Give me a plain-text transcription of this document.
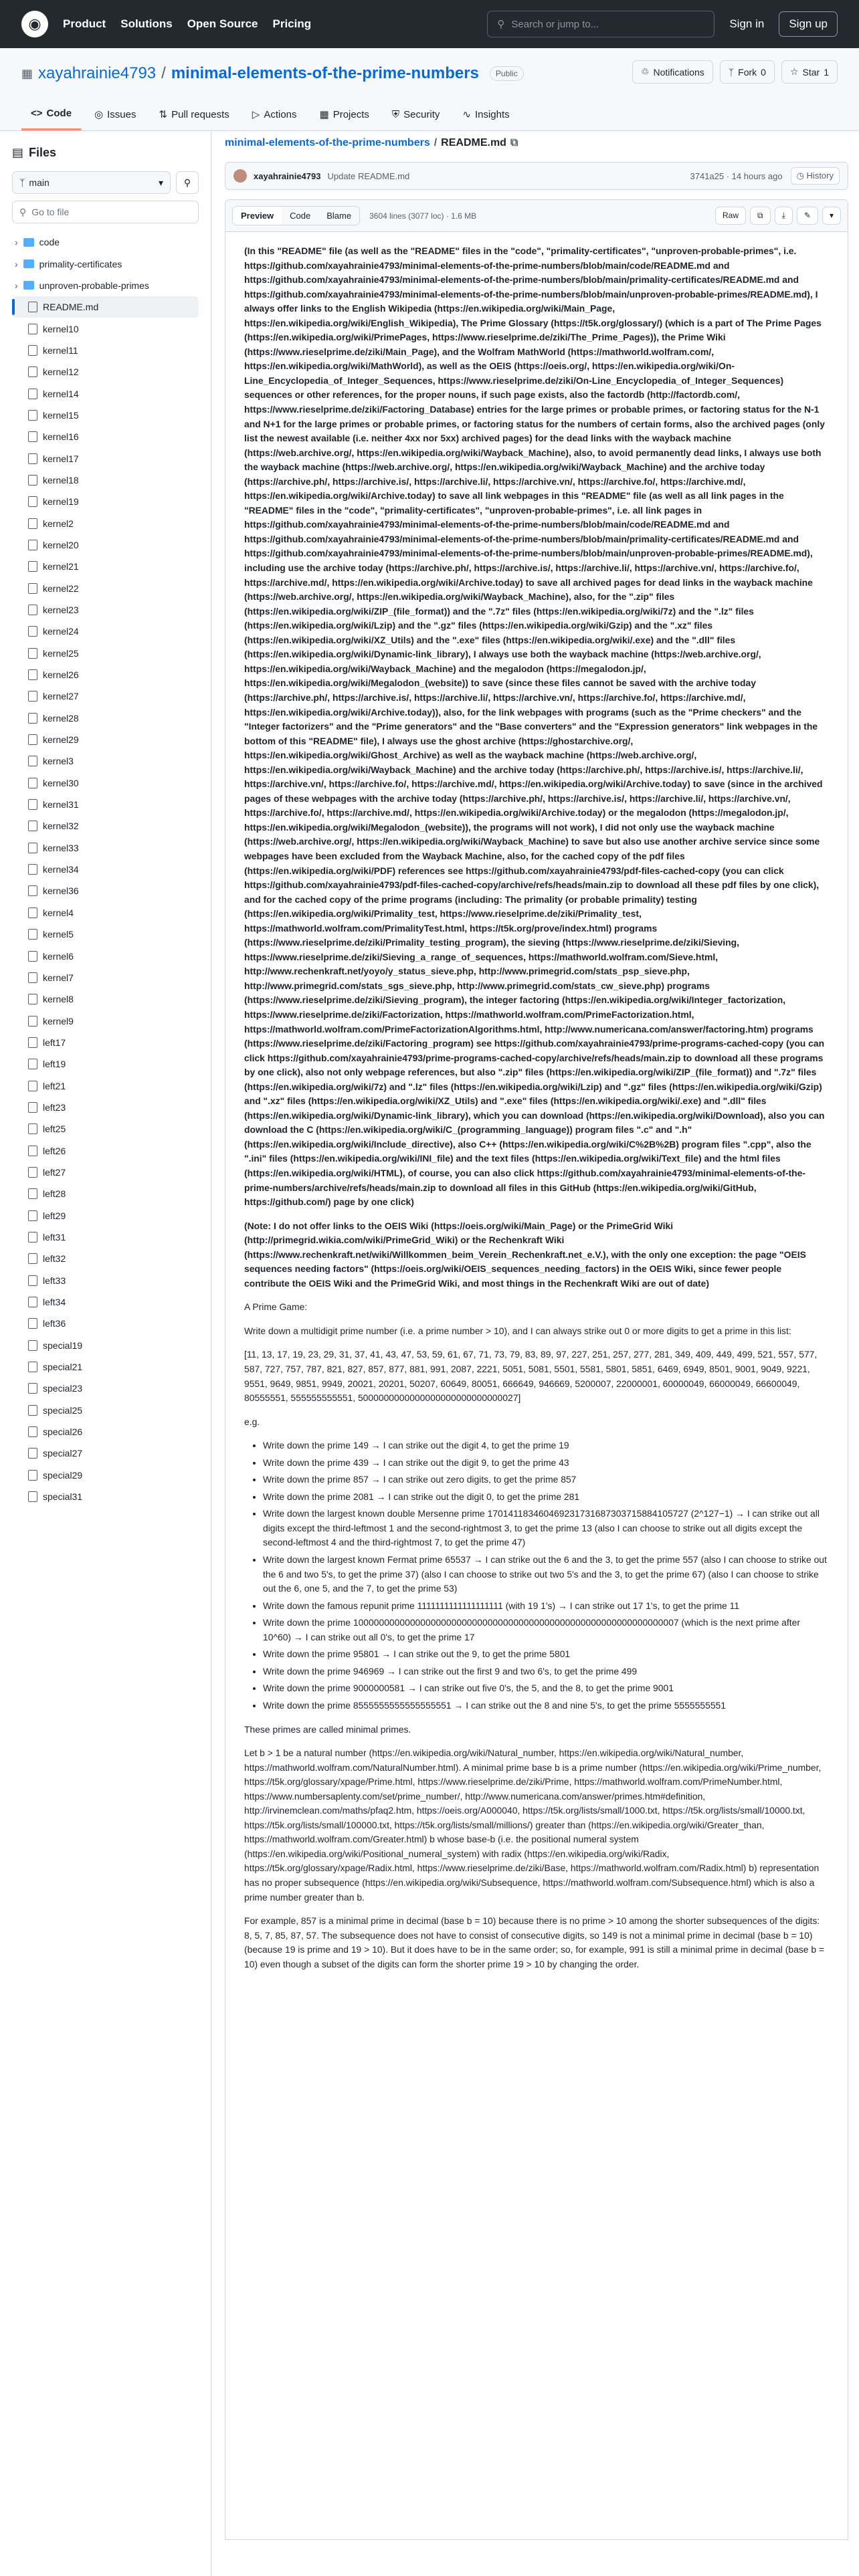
◉	Product Solutions Open Source Pricing	⚲ Search or jump to...	Sign in	Sign up
▦ xayahrainie4793 / minimal-elements-of-the-prime-numbers	Public	♲ Notifications	ᛉ Fork 0	☆ Star 1
<> Code ◎ Issues ⇅ Pull requests ▷ Actions ▦ Projects ⛨ Security ∿ Insights
▤ Files
ᛉ main	▾ ⚲
⚲ Go to file
› code
› primality-certificates
› unproven-probable-primes
README.md
kernel10
kernel11
kernel12
kernel14
kernel15
kernel16
kernel17
kernel18
kernel19
kernel2
kernel20
kernel21
kernel22
kernel23
kernel24
kernel25
kernel26
kernel27
kernel28
kernel29
kernel3
kernel30
kernel31
kernel32
kernel33
kernel34
kernel36
kernel4
kernel5
kernel6
kernel7
kernel8
kernel9
left17
left19
left21
left23
left25
left26
left27
left28
left29
left31
left32
left33
left34
left36
special19
special21
special23
special25
special26
special27
special29
special31
minimal-elements-of-the-prime-numbers / README.md ⧉
xayahrainie4793 Update README.md	3741a25 · 14 hours ago	◷ History
Preview	Code	Blame	3604 lines (3077 loc) · 1.6 MB	Raw	⧉	⤓	✎	▾

(In this "README" file (as well as the "README" files in the "code", "primality-certificates", "unproven-probable-primes", i.e. https://github.com/xayahrainie4793/minimal-elements-of-the-prime-numbers/blob/main/code/README.md and https://github.com/xayahrainie4793/minimal-elements-of-the-prime-numbers/blob/main/primality-certificates/README.md and https://github.com/xayahrainie4793/minimal-elements-of-the-prime-numbers/blob/main/unproven-probable-primes/README.md), I always offer links to the English Wikipedia (https://en.wikipedia.org/wiki/Main_Page, https://en.wikipedia.org/wiki/English_Wikipedia), The Prime Glossary (https://t5k.org/glossary/) (which is a part of The Prime Pages (https://en.wikipedia.org/wiki/PrimePages, https://www.rieselprime.de/ziki/The_Prime_Pages)), the Prime Wiki (https://www.rieselprime.de/ziki/Main_Page), and the Wolfram MathWorld (https://mathworld.wolfram.com/, https://en.wikipedia.org/wiki/MathWorld), as well as the OEIS (https://oeis.org/, https://en.wikipedia.org/wiki/On-Line_Encyclopedia_of_Integer_Sequences, https://www.rieselprime.de/ziki/On-Line_Encyclopedia_of_Integer_Sequences) sequences or other references, for the proper nouns, if such page exists, also the factordb (http://factordb.com/, https://www.rieselprime.de/ziki/Factoring_Database) entries for the large primes or probable primes, or factoring status for the N-1 and N+1 for the large primes or probable primes, or factoring status for the numbers of certain forms, also the archived pages (only list the newest available (i.e. neither 4xx nor 5xx) archived pages) for the dead links with the wayback machine (https://web.archive.org/, https://en.wikipedia.org/wiki/Wayback_Machine), also, to avoid permanently dead links, I always use both the wayback machine (https://web.archive.org/, https://en.wikipedia.org/wiki/Wayback_Machine) and the archive today (https://archive.ph/, https://archive.is/, https://archive.li/, https://archive.vn/, https://archive.fo/, https://archive.md/, https://en.wikipedia.org/wiki/Archive.today) to save all link webpages in this "README" file (as well as all link pages in the "README" files in the "code", "primality-certificates", "unproven-probable-primes", i.e. all link pages in https://github.com/xayahrainie4793/minimal-elements-of-the-prime-numbers/blob/main/code/README.md and https://github.com/xayahrainie4793/minimal-elements-of-the-prime-numbers/blob/main/primality-certificates/README.md and https://github.com/xayahrainie4793/minimal-elements-of-the-prime-numbers/blob/main/unproven-probable-primes/README.md), including use the archive today (https://archive.ph/, https://archive.is/, https://archive.li/, https://archive.vn/, https://archive.fo/, https://archive.md/, https://en.wikipedia.org/wiki/Archive.today) to save all archived pages for dead links in the wayback machine (https://web.archive.org/, https://en.wikipedia.org/wiki/Wayback_Machine), also, for the ".zip" files (https://en.wikipedia.org/wiki/ZIP_(file_format)) and the ".7z" files (https://en.wikipedia.org/wiki/7z) and the ".lz" files (https://en.wikipedia.org/wiki/Lzip) and the ".gz" files (https://en.wikipedia.org/wiki/Gzip) and the ".xz" files (https://en.wikipedia.org/wiki/XZ_Utils) and the ".exe" files (https://en.wikipedia.org/wiki/.exe) and the ".dll" files (https://en.wikipedia.org/wiki/Dynamic-link_library), I always use both the wayback machine (https://web.archive.org/, https://en.wikipedia.org/wiki/Wayback_Machine) and the megalodon (https://megalodon.jp/, https://en.wikipedia.org/wiki/Megalodon_(website)) to save (since these files cannot be saved with the archive today (https://archive.ph/, https://archive.is/, https://archive.li/, https://archive.vn/, https://archive.fo/, https://archive.md/, https://en.wikipedia.org/wiki/Archive.today)), also, for the link webpages with programs (such as the "Prime checkers" and the "Integer factorizers" and the "Prime generators" and the "Base converters" and the "Expression generators" link webpages in the bottom of this "README" file), I always use the ghost archive (https://ghostarchive.org/, https://en.wikipedia.org/wiki/Ghost_Archive) as well as the wayback machine (https://web.archive.org/, https://en.wikipedia.org/wiki/Wayback_Machine) and the archive today (https://archive.ph/, https://archive.is/, https://archive.li/, https://archive.vn/, https://archive.fo/, https://archive.md/, https://en.wikipedia.org/wiki/Archive.today) to save (since in the archived pages of these webpages with the archive today (https://archive.ph/, https://archive.is/, https://archive.li/, https://archive.vn/, https://archive.fo/, https://archive.md/, https://en.wikipedia.org/wiki/Archive.today) or the megalodon (https://megalodon.jp/, https://en.wikipedia.org/wiki/Megalodon_(website)), the programs will not work), I did not only use the wayback machine (https://web.archive.org/, https://en.wikipedia.org/wiki/Wayback_Machine) to save but also use another archive service since some webpages have been excluded from the Wayback Machine, also, for the cached copy of the pdf files (https://en.wikipedia.org/wiki/PDF) references see https://github.com/xayahrainie4793/pdf-files-cached-copy (you can click https://github.com/xayahrainie4793/pdf-files-cached-copy/archive/refs/heads/main.zip to download all these pdf files by one click), and for the cached copy of the prime programs (including: The primality (or probable primality) testing (https://en.wikipedia.org/wiki/Primality_test, https://www.rieselprime.de/ziki/Primality_test, https://mathworld.wolfram.com/PrimalityTest.html, https://t5k.org/prove/index.html) programs (https://www.rieselprime.de/ziki/Primality_testing_program), the sieving (https://www.rieselprime.de/ziki/Sieving, https://www.rieselprime.de/ziki/Sieving_a_range_of_sequences, https://mathworld.wolfram.com/Sieve.html, http://www.rechenkraft.net/yoyo/y_status_sieve.php, http://www.primegrid.com/stats_psp_sieve.php, http://www.primegrid.com/stats_sgs_sieve.php, http://www.primegrid.com/stats_cw_sieve.php) programs (https://www.rieselprime.de/ziki/Sieving_program), the integer factoring (https://en.wikipedia.org/wiki/Integer_factorization, https://www.rieselprime.de/ziki/Factorization, https://mathworld.wolfram.com/PrimeFactorization.html, https://mathworld.wolfram.com/PrimeFactorizationAlgorithms.html, http://www.numericana.com/answer/factoring.htm) programs (https://www.rieselprime.de/ziki/Factoring_program) see https://github.com/xayahrainie4793/prime-programs-cached-copy (you can click https://github.com/xayahrainie4793/prime-programs-cached-copy/archive/refs/heads/main.zip to download all these programs by one click), also not only webpage references, but also ".zip" files (https://en.wikipedia.org/wiki/ZIP_(file_format)) and ".7z" files (https://en.wikipedia.org/wiki/7z) and ".lz" files (https://en.wikipedia.org/wiki/Lzip) and ".gz" files (https://en.wikipedia.org/wiki/Gzip) and ".xz" files (https://en.wikipedia.org/wiki/XZ_Utils) and ".exe" files (https://en.wikipedia.org/wiki/.exe) and ".dll" files (https://en.wikipedia.org/wiki/Dynamic-link_library), which you can download (https://en.wikipedia.org/wiki/Download), also you can download the C (https://en.wikipedia.org/wiki/C_(programming_language)) program files ".c" and ".h" (https://en.wikipedia.org/wiki/Include_directive), also C++ (https://en.wikipedia.org/wiki/C%2B%2B) program files ".cpp", also the ".ini" files (https://en.wikipedia.org/wiki/INI_file) and the text files (https://en.wikipedia.org/wiki/Text_file) and the html files (https://en.wikipedia.org/wiki/HTML), of course, you can also click https://github.com/xayahrainie4793/minimal-elements-of-the-prime-numbers/archive/refs/heads/main.zip to download all files in this GitHub (https://en.wikipedia.org/wiki/GitHub, https://github.com/) page by one click)

(Note: I do not offer links to the OEIS Wiki (https://oeis.org/wiki/Main_Page) or the PrimeGrid Wiki (http://primegrid.wikia.com/wiki/PrimeGrid_Wiki) or the Rechenkraft Wiki (https://www.rechenkraft.net/wiki/Willkommen_beim_Verein_Rechenkraft.net_e.V.), with the only one exception: the page "OEIS sequences needing factors" (https://oeis.org/wiki/OEIS_sequences_needing_factors) in the OEIS Wiki, since fewer people contribute the OEIS Wiki and the PrimeGrid Wiki, and most things in the Rechenkraft Wiki are out of date)

A Prime Game:

Write down a multidigit prime number (i.e. a prime number > 10), and I can always strike out 0 or more digits to get a prime in this list:

[11, 13, 17, 19, 23, 29, 31, 37, 41, 43, 47, 53, 59, 61, 67, 71, 73, 79, 83, 89, 97, 227, 251, 257, 277, 281, 349, 409, 449, 499, 521, 557, 577, 587, 727, 757, 787, 821, 827, 857, 877, 881, 991, 2087, 2221, 5051, 5081, 5501, 5581, 5801, 5851, 6469, 6949, 8501, 9001, 9049, 9221, 9551, 9649, 9851, 9949, 20021, 20201, 50207, 60649, 80051, 666649, 946669, 5200007, 22000001, 60000049, 66000049, 66600049, 80555551, 555555555551, 5000000000000000000000000000027]

e.g.

• Write down the prime 149 → I can strike out the digit 4, to get the prime 19
• Write down the prime 439 → I can strike out the digit 9, to get the prime 43
• Write down the prime 857 → I can strike out zero digits, to get the prime 857
• Write down the prime 2081 → I can strike out the digit 0, to get the prime 281
• Write down the largest known double Mersenne prime 170141183460469231731687303715884105727 (2^127−1) → I can strike out all digits except the third-leftmost 1 and the second-rightmost 3, to get the prime 13 (also I can choose to strike out all digits except the second-leftmost 4 and the third-rightmost 7, to get the prime 47)
• Write down the largest known Fermat prime 65537 → I can strike out the 6 and the 3, to get the prime 557 (also I can choose to strike out the 6 and two 5's, to get the prime 37) (also I can choose to strike out two 5's and the 3, to get the prime 67) (also I can choose to strike out the 6, one 5, and the 7, to get the prime 53)
• Write down the famous repunit prime 1111111111111111111 (with 19 1's) → I can strike out 17 1's, to get the prime 11
• Write down the prime 100000000000000000000000000000000000000000000000000000000000007 (which is the next prime after 10^60) → I can strike out all 0's, to get the prime 17
• Write down the prime 95801 → I can strike out the 9, to get the prime 5801
• Write down the prime 946969 → I can strike out the first 9 and two 6's, to get the prime 499
• Write down the prime 9000000581 → I can strike out five 0's, the 5, and the 8, to get the prime 9001
• Write down the prime 8555555555555555551 → I can strike out the 8 and nine 5's, to get the prime 5555555551

These primes are called minimal primes.

Let b > 1 be a natural number (https://en.wikipedia.org/wiki/Natural_number, https://en.wikipedia.org/wiki/Natural_number, https://mathworld.wolfram.com/NaturalNumber.html). A minimal prime base b is a prime number (https://en.wikipedia.org/wiki/Prime_number, https://t5k.org/glossary/xpage/Prime.html, https://www.rieselprime.de/ziki/Prime, https://mathworld.wolfram.com/PrimeNumber.html, https://www.numbersaplenty.com/set/prime_number/, http://www.numericana.com/answer/primes.htm#definition, http://irvinemclean.com/maths/pfaq2.htm, https://oeis.org/A000040, https://t5k.org/lists/small/1000.txt, https://t5k.org/lists/small/10000.txt, https://t5k.org/lists/small/100000.txt, https://t5k.org/lists/small/millions/) greater than (https://en.wikipedia.org/wiki/Greater_than, https://mathworld.wolfram.com/Greater.html) b whose base-b (i.e. the positional numeral system (https://en.wikipedia.org/wiki/Positional_numeral_system) with radix (https://en.wikipedia.org/wiki/Radix, https://t5k.org/glossary/xpage/Radix.html, https://www.rieselprime.de/ziki/Base, https://mathworld.wolfram.com/Radix.html) b) representation has no proper subsequence (https://en.wikipedia.org/wiki/Subsequence, https://mathworld.wolfram.com/Subsequence.html) which is also a prime number greater than b.

For example, 857 is a minimal prime in decimal (base b = 10) because there is no prime > 10 among the shorter subsequences of the digits: 8, 5, 7, 85, 87, 57. The subsequence does not have to consist of consecutive digits, so 149 is not a minimal prime in decimal (base b = 10) (because 19 is prime and 19 > 10). But it does have to be in the same order; so, for example, 991 is still a minimal prime in decimal (base b = 10) even though a subset of the digits can form the shorter prime 19 > 10 by changing the order.
